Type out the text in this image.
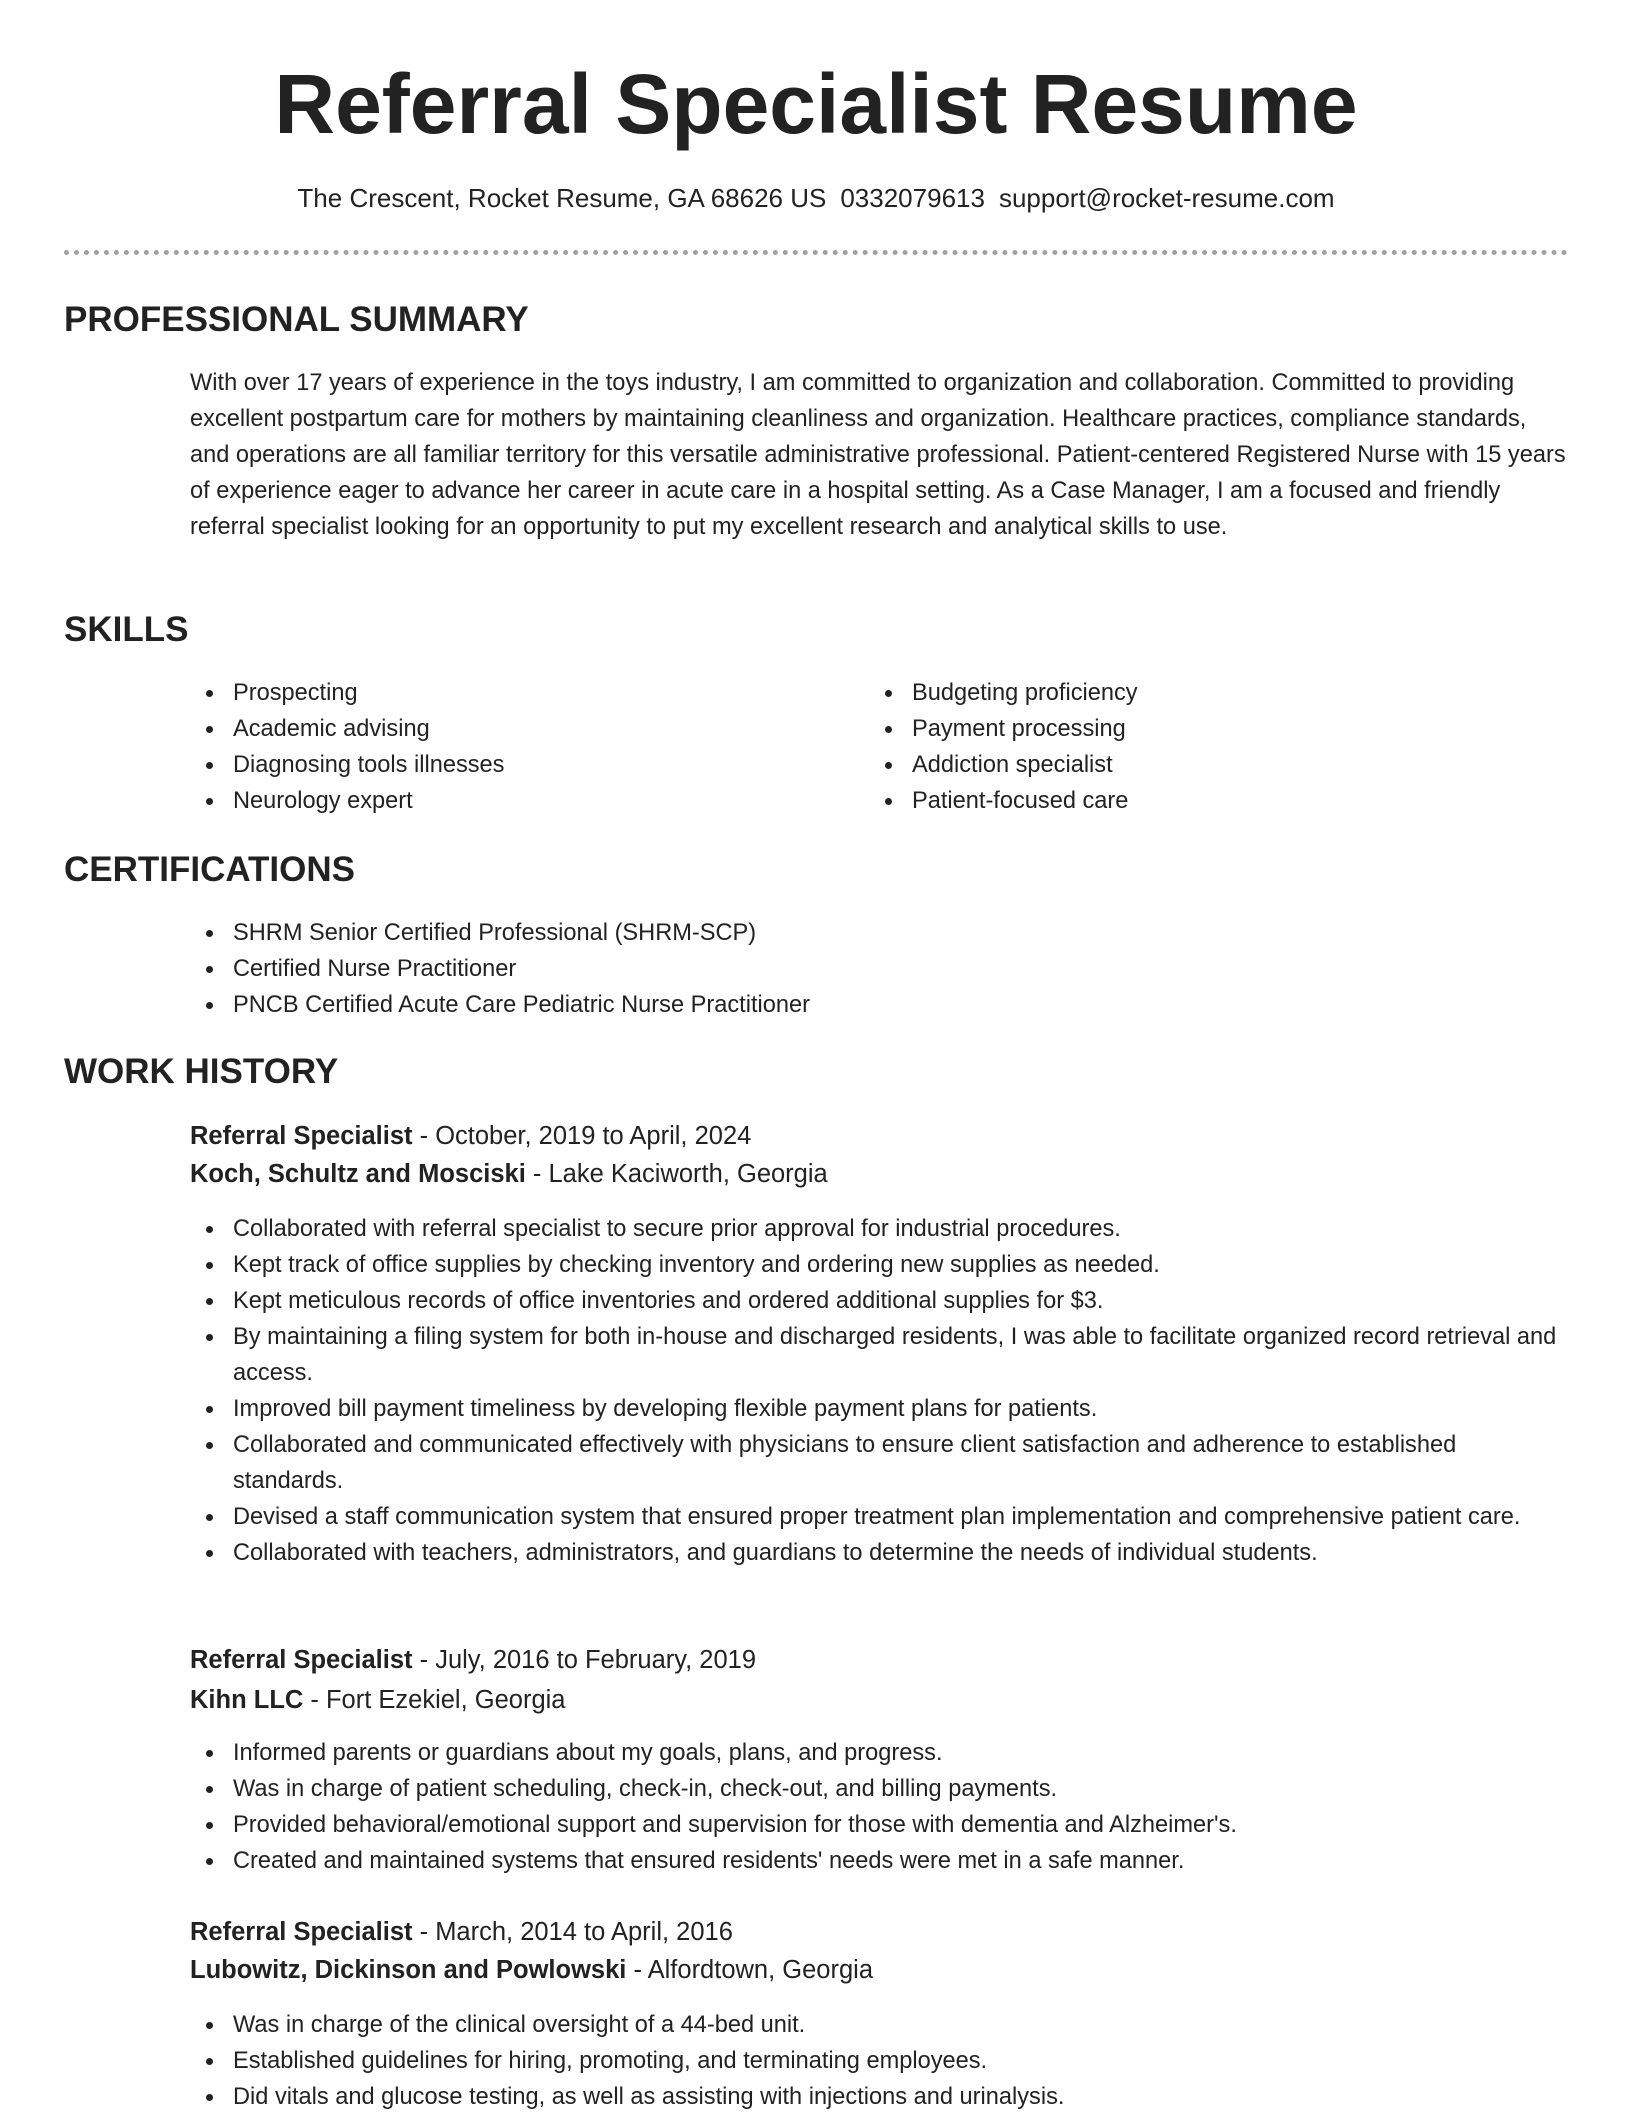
Referral Specialist Resume
The Crescent, Rocket Resume, GA 68626 US 0332079613 support@rocket-resume.com
PROFESSIONAL SUMMARY
With over 17 years of experience in the toys industry, I am committed to organization and collaboration. Committed to providing excellent postpartum care for mothers by maintaining cleanliness and organization. Healthcare practices, compliance standards, and operations are all familiar territory for this versatile administrative professional. Patient-centered Registered Nurse with 15 years of experience eager to advance her career in acute care in a hospital setting. As a Case Manager, I am a focused and friendly referral specialist looking for an opportunity to put my excellent research and analytical skills to use.
SKILLS
Prospecting
Academic advising
Diagnosing tools illnesses
Neurology expert
Budgeting proficiency
Payment processing
Addiction specialist
Patient-focused care
CERTIFICATIONS
SHRM Senior Certified Professional (SHRM-SCP)
Certified Nurse Practitioner
PNCB Certified Acute Care Pediatric Nurse Practitioner
WORK HISTORY
Referral Specialist - October, 2019 to April, 2024
Koch, Schultz and Mosciski - Lake Kaciworth, Georgia
Collaborated with referral specialist to secure prior approval for industrial procedures.
Kept track of office supplies by checking inventory and ordering new supplies as needed.
Kept meticulous records of office inventories and ordered additional supplies for $3.
By maintaining a filing system for both in-house and discharged residents, I was able to facilitate organized record retrieval and access.
Improved bill payment timeliness by developing flexible payment plans for patients.
Collaborated and communicated effectively with physicians to ensure client satisfaction and adherence to established standards.
Devised a staff communication system that ensured proper treatment plan implementation and comprehensive patient care.
Collaborated with teachers, administrators, and guardians to determine the needs of individual students.
Referral Specialist - July, 2016 to February, 2019
Kihn LLC - Fort Ezekiel, Georgia
Informed parents or guardians about my goals, plans, and progress.
Was in charge of patient scheduling, check-in, check-out, and billing payments.
Provided behavioral/emotional support and supervision for those with dementia and Alzheimer's.
Created and maintained systems that ensured residents' needs were met in a safe manner.
Referral Specialist - March, 2014 to April, 2016
Lubowitz, Dickinson and Powlowski - Alfordtown, Georgia
Was in charge of the clinical oversight of a 44-bed unit.
Established guidelines for hiring, promoting, and terminating employees.
Did vitals and glucose testing, as well as assisting with injections and urinalysis.
